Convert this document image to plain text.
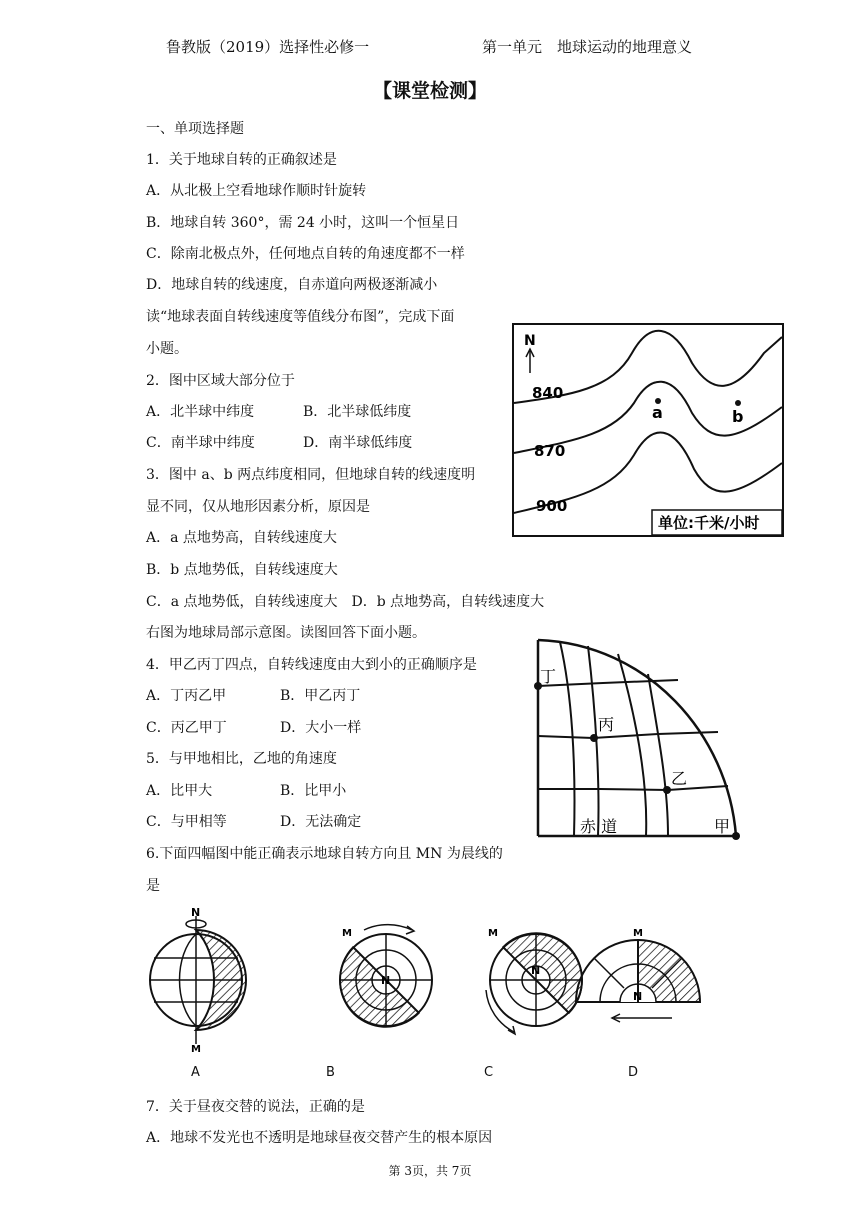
鲁教版（2019）选择性必修一	第一单元　地球运动的地理意义
【课堂检测】
一、单项选择题
1．关于地球自转的正确叙述是
A．从北极上空看地球作顺时针旋转
B．地球自转 360°，需 24 小时，这叫一个恒星日
C．除南北极点外，任何地点自转的角速度都不一样
D．地球自转的线速度，自赤道向两极逐渐减小
读“地球表面自转线速度等值线分布图”，完成下面
小题。
2．图中区域大部分位于
A．北半球中纬度	B．北半球低纬度
C．南半球中纬度	D．南半球低纬度
3．图中 a、b 两点纬度相同，但地球自转的线速度明
显不同，仅从地形因素分析，原因是
A．a 点地势高，自转线速度大
B．b 点地势低，自转线速度大
C．a 点地势低，自转线速度大　D．b 点地势高，自转线速度大
右图为地球局部示意图。读图回答下面小题。
4．甲乙丙丁四点，自转线速度由大到小的正确顺序是
A．丁丙乙甲	B．甲乙丙丁
C．丙乙甲丁	D．大小一样
5．与甲地相比，乙地的角速度
A．比甲大	B．比甲小
C．与甲相等	D．无法确定
6.下面四幅图中能正确表示地球自转方向且 MN 为晨线的
是
N
840
870
900
a	b
单位:千米/小时
丁
丙
乙
甲
赤 道
N
M
N
M
N
M
N
M
A	B	C	D
7．关于昼夜交替的说法，正确的是
A．地球不发光也不透明是地球昼夜交替产生的根本原因
第 3页，共 7页
